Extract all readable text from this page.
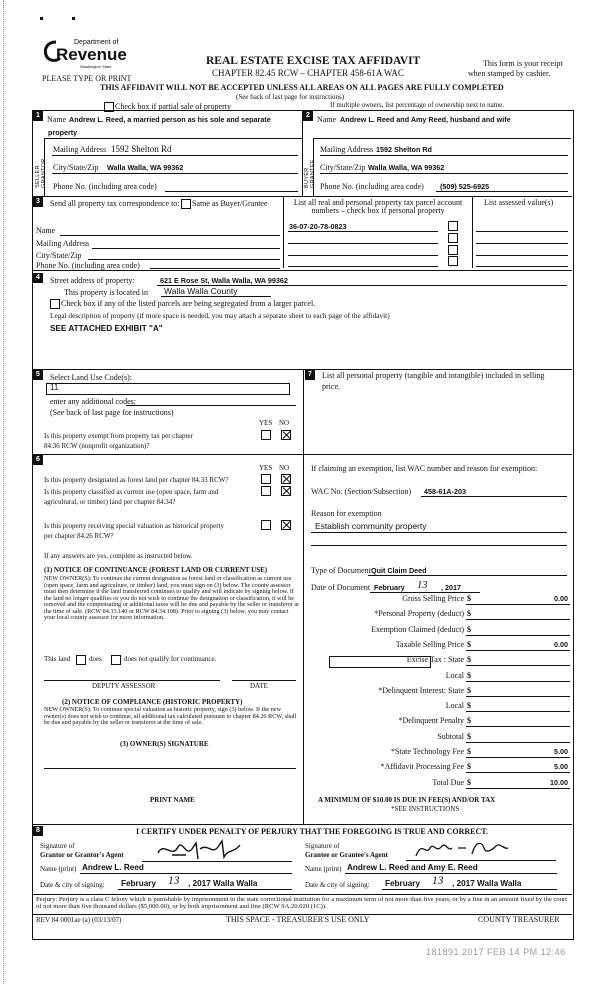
Department of
Revenue
Washington State	REAL ESTATE EXCISE TAX AFFIDAVIT
CHAPTER 82.45 RCW – CHAPTER 458-61A WAC
This form is your receipt
when stamped by cashier.
PLEASE TYPE OR PRINT
THIS AFFIDAVIT WILL NOT BE ACCEPTED UNLESS ALL AREAS ON ALL PAGES ARE FULLY COMPLETED
(See back of last page for instructions)
Check box if partial sale of property	If multiple owners, list percentage of ownership next to name.
1	2
SELLER GRANTOR	BUYER GRANTEE
Name Andrew L. Reed, a married person as his sole and separate
property
Mailing Address 1592 Shelton Rd
City/State/Zip Walla Walla, WA 99362
Phone No. (including area code)
Name Andrew L. Reed and Amy Reed, husband and wife
Mailing Address 1592 Shelton Rd
City/State/Zip Walla Walla, WA 99362
Phone No. (including area code) (509) 525-6925
3	Send all property tax correspondence to: Same as Buyer/Grantee	List all real and personal property tax parcel account
numbers – check box if personal property
List assessed value(s)
Name
Mailing Address
City/State/Zip
Phone No. (including area code)
36-07-20-78-0823
4	Street address of property:	621 E Rose St, Walla Walla, WA 99362
This property is located in Walla Walla County
Check box if any of the listed parcels are being segregated from a larger parcel.
Legal description of property (if more space is needed, you may attach a separate sheet to each page of the affidavit)
SEE ATTACHED EXHIBIT "A"
5	Select Land Use Code(s):
11
enter any additional codes:
(See back of last page for instructions)
YES NO
Is this property exempt from property tax per chapter
84.36 RCW (nonprofit organization)?
6
YES NO
Is this property designated as forest land per chapter 84.33 RCW?
Is this property classified as current use (open space, farm and
agricultural, or timber) land per chapter 84.34?
Is this property receiving special valuation as historical property
per chapter 84.26 RCW?
If any answers are yes, complete as instructed below.
(1) NOTICE OF CONTINUANCE (FOREST LAND OR CURRENT USE)
NEW OWNER(S): To continue the current designation as forest land or classification as current use (open space, farm and agriculture, or timber) land, you must sign on (3) below. The county assessor must then determine if the land transferred continues to qualify and will indicate by signing below. If the land no longer qualifies or you do not wish to continue the designation or classification, it will be removed and the compensating or additional taxes will be due and payable by the seller or transferor at the time of sale. (RCW 84.33.140 or RCW 84.34.108). Prior to signing (3) below, you may contact your local county assessor for more information.
This land	does	does not qualify for continuance.
DEPUTY ASSESSOR	DATE
(2) NOTICE OF COMPLIANCE (HISTORIC PROPERTY)
NEW OWNER(S): To continue special valuation as historic property, sign (3) below. If the new owner(s) does not wish to continue, all additional tax calculated pursuant to chapter 84.26 RCW, shall be due and payable by the seller or transferor at the time of sale.
(3) OWNER(S) SIGNATURE
PRINT NAME
7	List all personal property (tangible and intangible) included in selling
price.
If claiming an exemption, list WAC number and reason for exemption:
WAC No. (Section/Subsection) 458-61A-203
Reason for exemption
Establish community property
Type of Document Quit Claim Deed
Date of Document February 13 , 2017
Gross Selling Price $	0.00
*Personal Property (deduct) $
Exemption Claimed (deduct) $
Taxable Selling Price $	0.00
Excise Tax : State $
Local $
*Delinquent Interest: State $
Local $
*Delinquent Penalty $
Subtotal $
*State Technology Fee $	5.00
*Affidavit Processing Fee $	5.00
Total Due $	10.00
A MINIMUM OF $10.00 IS DUE IN FEE(S) AND/OR TAX
*SEE INSTRUCTIONS
8	I CERTIFY UNDER PENALTY OF PERJURY THAT THE FOREGOING IS TRUE AND CORRECT.
Signature of
Grantor or Grantor's Agent
Signature of
Grantee or Grantee's Agent
Name (print) Andrew L. Reed	Name (print) Andrew L. Reed and Amy E. Reed
Date & city of signing: February 13 , 2017 Walla Walla	Date & city of signing: February 13 , 2017 Walla Walla
Perjury: Perjury is a class C felony which is punishable by imprisonment in the state correctional institution for a maximum term of not more than five years, or by a fine in an amount fixed by the court of not more than five thousand dollars ($5,000.00), or by both imprisonment and fine (RCW 9A.20.020 (1C)).
REV 84 0001ae (a) (03/13/07)	THIS SPACE - TREASURER'S USE ONLY	COUNTY TREASURER
181891 2017 FEB 14 PM 12:46
